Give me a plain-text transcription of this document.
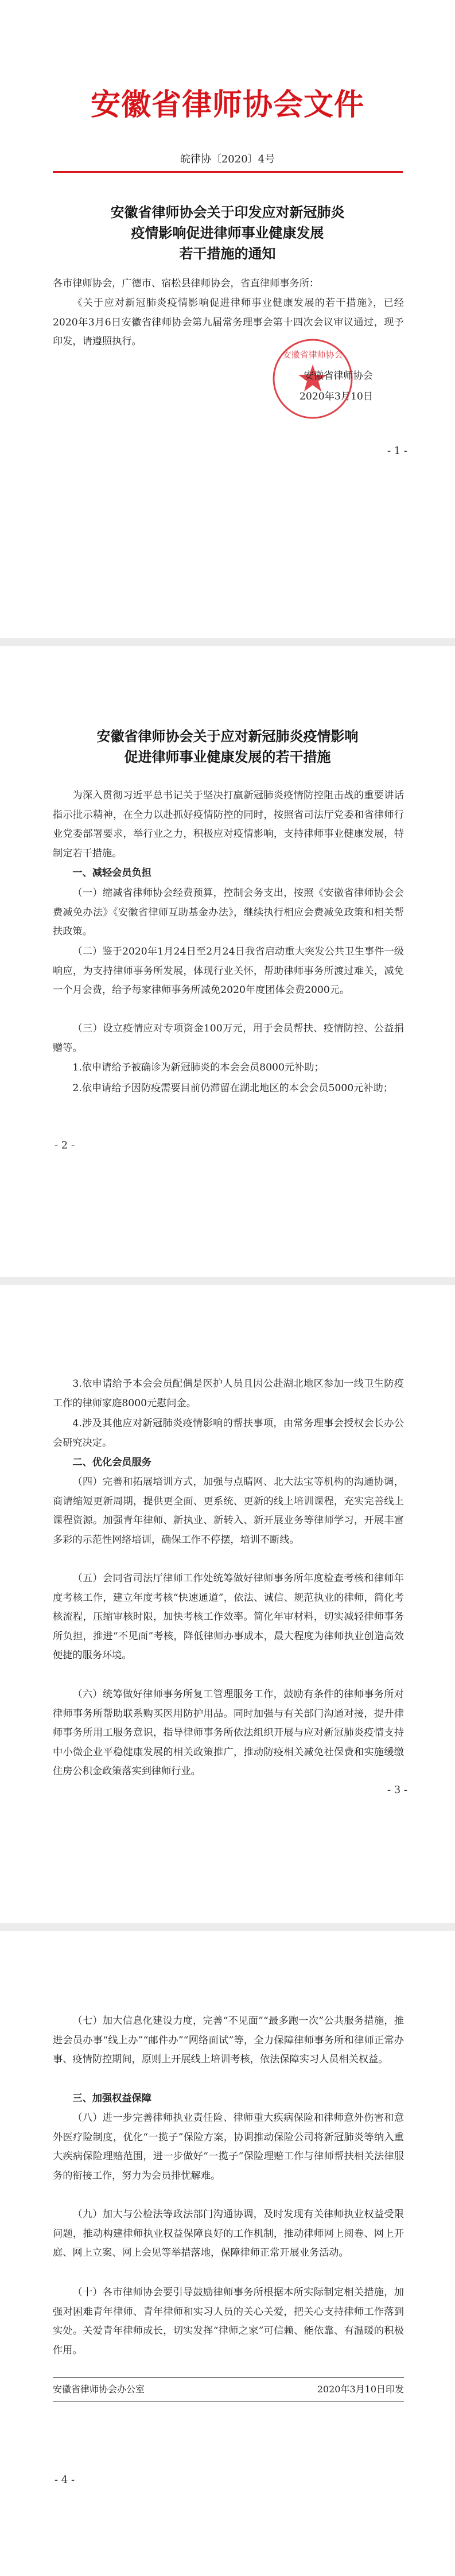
安徽省律师协会文件
皖律协〔2020〕4号
安徽省律师协会关于印发应对新冠肺炎
疫情影响促进律师事业健康发展
若干措施的通知

各市律师协会，广德市、宿松县律师协会，省直律师事务所：

《关于应对新冠肺炎疫情影响促进律师事业健康发展的若干措施》，已经2020年3月6日安徽省律师协会第九届常务理事会第十四次会议审议通过，现予印发，请遵照执行。

安徽省律师协会
安徽省律师协会
2020年3月10日
- 1 -
安徽省律师协会关于应对新冠肺炎疫情影响
促进律师事业健康发展的若干措施

为深入贯彻习近平总书记关于坚决打赢新冠肺炎疫情防控阻击战的重要讲话指示批示精神，在全力以赴抓好疫情防控的同时，按照省司法厅党委和省律师行业党委部署要求，举行业之力，积极应对疫情影响，支持律师事业健康发展，特制定若干措施。

一、减轻会员负担

（一）缩减省律师协会经费预算，控制会务支出，按照《安徽省律师协会会费减免办法》《安徽省律师互助基金办法》，继续执行相应会费减免政策和相关帮扶政策。

（二）鉴于2020年1月24日至2月24日我省启动重大突发公共卫生事件一级响应，为支持律师事务所发展，体现行业关怀，帮助律师事务所渡过难关，减免一个月会费，给予每家律师事务所减免2020年度团体会费2000元。

（三）设立疫情应对专项资金100万元，用于会员帮扶、疫情防控、公益捐赠等。

1.依申请给予被确诊为新冠肺炎的本会会员8000元补助；

2.依申请给予因防疫需要目前仍滞留在湖北地区的本会会员5000元补助；

- 2 -

3.依申请给予本会会员配偶是医护人员且因公赴湖北地区参加一线卫生防疫工作的律师家庭8000元慰问金。

4.涉及其他应对新冠肺炎疫情影响的帮扶事项，由常务理事会授权会长办公会研究决定。

二、优化会员服务

（四）完善和拓展培训方式，加强与点睛网、北大法宝等机构的沟通协调，商请缩短更新周期，提供更全面、更系统、更新的线上培训课程，充实完善线上课程资源。加强青年律师、新执业、新转入、新开展业务等律师学习，开展丰富多彩的示范性网络培训，确保工作不停摆，培训不断线。

（五）会同省司法厅律师工作处统筹做好律师事务所年度检查考核和律师年度考核工作，建立年度考核“快速通道”，依法、诚信、规范执业的律师，简化考核流程，压缩审核时限，加快考核工作效率。简化年审材料，切实减轻律师事务所负担，推进“不见面”考核，降低律师办事成本，最大程度为律师执业创造高效便捷的服务环境。

（六）统筹做好律师事务所复工管理服务工作，鼓励有条件的律师事务所对律师事务所帮助联系购买医用防护用品。同时加强与有关部门沟通对接，提升律师事务所用工服务意识，指导律师事务所依法组织开展与应对新冠肺炎疫情支持中小微企业平稳健康发展的相关政策推广，推动防疫相关减免社保费和实施缓缴住房公积金政策落实到律师行业。

- 3 -

（七）加大信息化建设力度，完善“不见面”“最多跑一次”公共服务措施，推进会员办事“线上办”“邮件办”“网络面试”等，全力保障律师事务所和律师正常办事、疫情防控期间，原则上开展线上培训考核，依法保障实习人员相关权益。

三、加强权益保障

（八）进一步完善律师执业责任险、律师重大疾病保险和律师意外伤害和意外医疗险制度，优化“一揽子”保险方案，协调推动保险公司将新冠肺炎等纳入重大疾病保险理赔范围，进一步做好“一揽子”保险理赔工作与律师帮扶相关法律服务的衔接工作，努力为会员排忧解难。

（九）加大与公检法等政法部门沟通协调，及时发现有关律师执业权益受限问题，推动构建律师执业权益保障良好的工作机制，推动律师网上阅卷、网上开庭、网上立案、网上会见等举措落地，保障律师正常开展业务活动。

（十）各市律师协会要引导鼓励律师事务所根据本所实际制定相关措施，加强对困难青年律师、青年律师和实习人员的关心关爱，把关心支持律师工作落到实处。关爱青年律师成长，切实发挥“律师之家”可信赖、能依靠、有温暖的积极作用。

安徽省律师协会办公室	2020年3月10日印发
- 4 -
